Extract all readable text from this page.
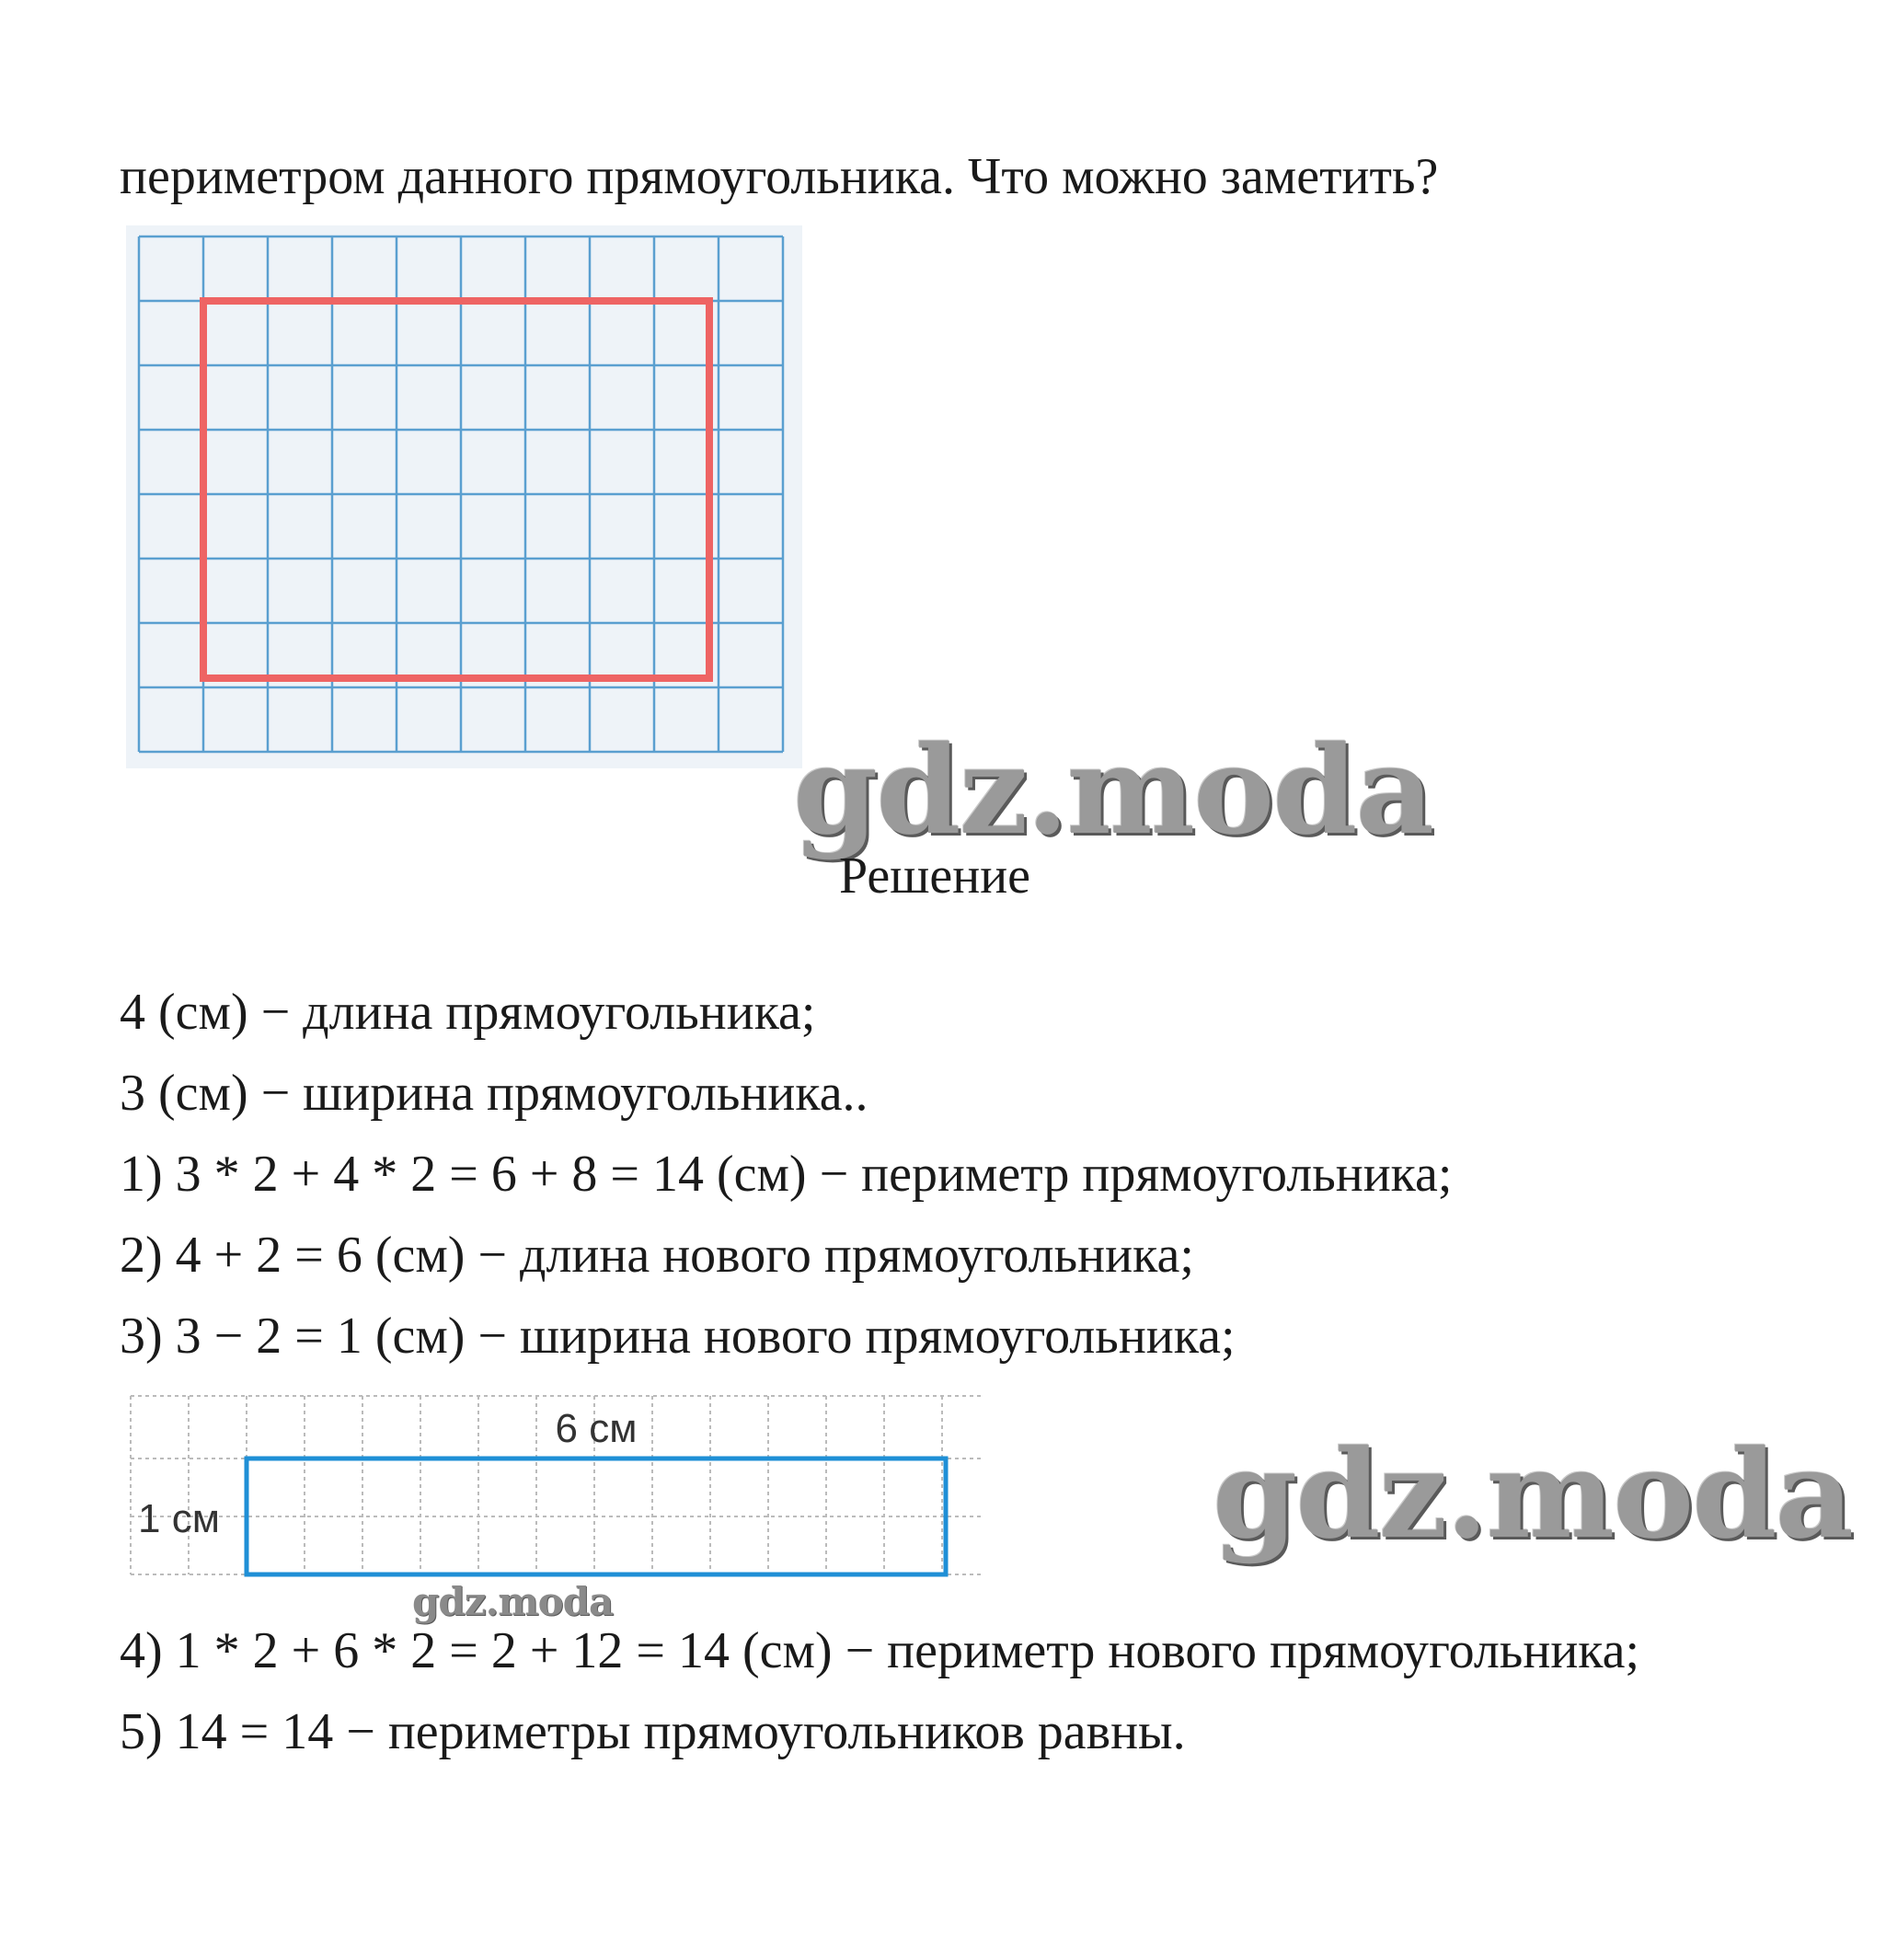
периметром данного прямоугольника. Что можно заметить?
gdz.moda
Решение
4 (см) − длина прямоугольника;
3 (см) − ширина прямоугольника..
1) 3 * 2 + 4 * 2 = 6 + 8 = 14 (см) − периметр прямоугольника;
2) 4 + 2 = 6 (см) − длина нового прямоугольника;
3) 3 − 2 = 1 (см) − ширина нового прямоугольника;
6 см
1 см	gdz.moda
gdz.moda
4) 1 * 2 + 6 * 2 = 2 + 12 = 14 (см) − периметр нового прямоугольника;
5) 14 = 14 − периметры прямоугольников равны.
